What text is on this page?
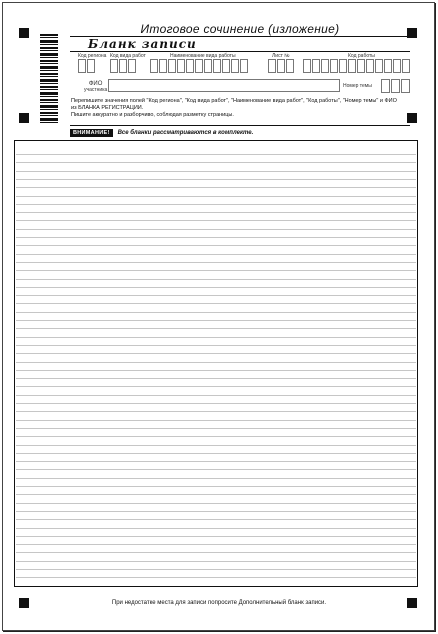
Итоговое сочинение (изложение)
Бланк записи
Код региона Код вида работ	Наименование вида работы	Лист №	Код работы
ФИО
участника
Номер темы
Перепишите значения полей "Код региона", "Код вида работ", "Наименование вида работ", "Код работы", "Номер темы" и ФИО
из БЛАНКА РЕГИСТРАЦИИ.
Пишите аккуратно и разборчиво, соблюдая разметку страницы.
ВНИМАНИЕ!	Все бланки рассматриваются в комплекте.
При недостатке места для записи попросите Дополнительный бланк записи.
